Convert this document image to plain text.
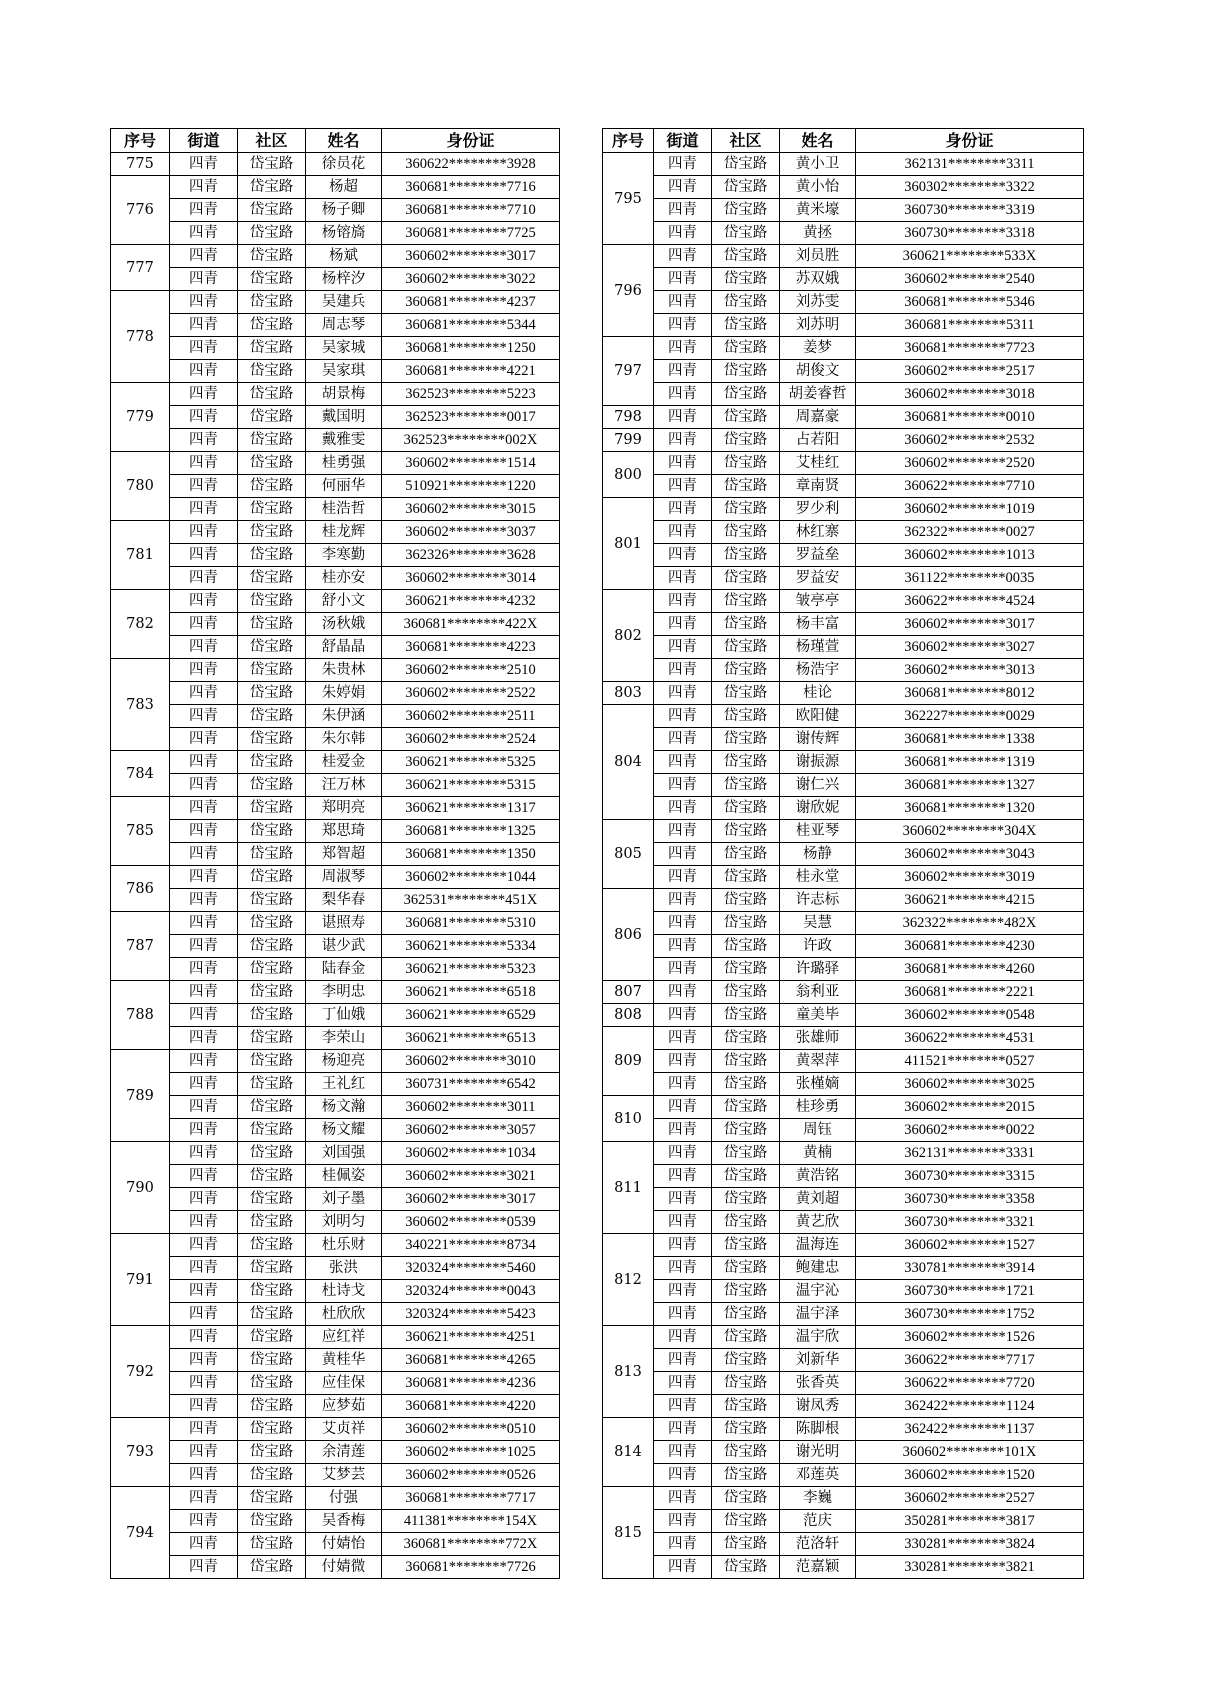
序号	街道	社区	姓名	身份证
775	四青	岱宝路	徐员花	360622********3928
776	四青	岱宝路	杨超	360681********7716
	四青	岱宝路	杨子卿	360681********7710
	四青	岱宝路	杨镕旖	360681********7725
777	四青	岱宝路	杨斌	360602********3017
	四青	岱宝路	杨梓汐	360602********3022
778	四青	岱宝路	吴建兵	360681********4237
	四青	岱宝路	周志琴	360681********5344
	四青	岱宝路	吴家城	360681********1250
	四青	岱宝路	吴家琪	360681********4221
779	四青	岱宝路	胡景梅	362523********5223
	四青	岱宝路	戴国明	362523********0017
	四青	岱宝路	戴雅雯	362523********002X
780	四青	岱宝路	桂勇强	360602********1514
	四青	岱宝路	何丽华	510921********1220
	四青	岱宝路	桂浩哲	360602********3015
781	四青	岱宝路	桂龙辉	360602********3037
	四青	岱宝路	李寒勤	362326********3628
	四青	岱宝路	桂亦安	360602********3014
782	四青	岱宝路	舒小文	360621********4232
	四青	岱宝路	汤秋娥	360681********422X
	四青	岱宝路	舒晶晶	360681********4223
783	四青	岱宝路	朱贵林	360602********2510
	四青	岱宝路	朱婷娟	360602********2522
	四青	岱宝路	朱伊涵	360602********2511
	四青	岱宝路	朱尔韩	360602********2524
784	四青	岱宝路	桂爱金	360621********5325
	四青	岱宝路	汪万林	360621********5315
785	四青	岱宝路	郑明亮	360621********1317
	四青	岱宝路	郑思琦	360681********1325
	四青	岱宝路	郑智超	360681********1350
786	四青	岱宝路	周淑琴	360602********1044
	四青	岱宝路	梨华春	362531********451X
787	四青	岱宝路	谌照寿	360681********5310
	四青	岱宝路	谌少武	360621********5334
	四青	岱宝路	陆春金	360621********5323
788	四青	岱宝路	李明忠	360621********6518
	四青	岱宝路	丁仙娥	360621********6529
	四青	岱宝路	李荣山	360621********6513
789	四青	岱宝路	杨迎亮	360602********3010
	四青	岱宝路	王礼红	360731********6542
	四青	岱宝路	杨文瀚	360602********3011
	四青	岱宝路	杨文耀	360602********3057
790	四青	岱宝路	刘国强	360602********1034
	四青	岱宝路	桂佩姿	360602********3021
	四青	岱宝路	刘子墨	360602********3017
	四青	岱宝路	刘明匀	360602********0539
791	四青	岱宝路	杜乐财	340221********8734
	四青	岱宝路	张洪	320324********5460
	四青	岱宝路	杜诗戈	320324********0043
	四青	岱宝路	杜欣欣	320324********5423
792	四青	岱宝路	应红祥	360621********4251
	四青	岱宝路	黄桂华	360681********4265
	四青	岱宝路	应佳保	360681********4236
	四青	岱宝路	应梦茹	360681********4220
793	四青	岱宝路	艾贞祥	360602********0510
	四青	岱宝路	余清莲	360602********1025
	四青	岱宝路	艾梦芸	360602********0526
794	四青	岱宝路	付强	360681********7717
	四青	岱宝路	吴香梅	411381********154X
	四青	岱宝路	付婧怡	360681********772X
	四青	岱宝路	付婧微	360681********7726
序号	街道	社区	姓名	身份证
795	四青	岱宝路	黄小卫	362131********3311
	四青	岱宝路	黄小怡	360302********3322
	四青	岱宝路	黄米壕	360730********3319
	四青	岱宝路	黄拯	360730********3318
796	四青	岱宝路	刘员胜	360621********533X
	四青	岱宝路	苏双娥	360602********2540
	四青	岱宝路	刘苏雯	360681********5346
	四青	岱宝路	刘苏明	360681********5311
797	四青	岱宝路	姜梦	360681********7723
	四青	岱宝路	胡俊文	360602********2517
	四青	岱宝路	胡姜睿哲	360602********3018
798	四青	岱宝路	周嘉豪	360681********0010
799	四青	岱宝路	占若阳	360602********2532
800	四青	岱宝路	艾桂红	360602********2520
	四青	岱宝路	章南贤	360622********7710
801	四青	岱宝路	罗少利	360602********1019
	四青	岱宝路	林红寨	362322********0027
	四青	岱宝路	罗益垒	360602********1013
	四青	岱宝路	罗益安	361122********0035
802	四青	岱宝路	皱亭亭	360622********4524
	四青	岱宝路	杨丰富	360602********3017
	四青	岱宝路	杨瑾萱	360602********3027
	四青	岱宝路	杨浩宇	360602********3013
803	四青	岱宝路	桂论	360681********8012
804	四青	岱宝路	欧阳健	362227********0029
	四青	岱宝路	谢传辉	360681********1338
	四青	岱宝路	谢振源	360681********1319
	四青	岱宝路	谢仁兴	360681********1327
	四青	岱宝路	谢欣妮	360681********1320
805	四青	岱宝路	桂亚琴	360602********304X
	四青	岱宝路	杨静	360602********3043
	四青	岱宝路	桂永堂	360602********3019
806	四青	岱宝路	许志标	360621********4215
	四青	岱宝路	吴慧	362322********482X
	四青	岱宝路	许政	360681********4230
	四青	岱宝路	许璐驿	360681********4260
807	四青	岱宝路	翁利亚	360681********2221
808	四青	岱宝路	童美毕	360602********0548
809	四青	岱宝路	张雄师	360622********4531
	四青	岱宝路	黄翠萍	411521********0527
	四青	岱宝路	张槿嫡	360602********3025
810	四青	岱宝路	桂珍勇	360602********2015
	四青	岱宝路	周钰	360602********0022
811	四青	岱宝路	黄楠	362131********3331
	四青	岱宝路	黄浩铭	360730********3315
	四青	岱宝路	黄刘超	360730********3358
	四青	岱宝路	黄艺欣	360730********3321
812	四青	岱宝路	温海连	360602********1527
	四青	岱宝路	鲍建忠	330781********3914
	四青	岱宝路	温宇沁	360730********1721
	四青	岱宝路	温宇泽	360730********1752
813	四青	岱宝路	温宇欣	360602********1526
	四青	岱宝路	刘新华	360622********7717
	四青	岱宝路	张香英	360622********7720
	四青	岱宝路	谢凤秀	362422********1124
814	四青	岱宝路	陈脚根	362422********1137
	四青	岱宝路	谢光明	360602********101X
	四青	岱宝路	邓莲英	360602********1520
815	四青	岱宝路	李巍	360602********2527
	四青	岱宝路	范庆	350281********3817
	四青	岱宝路	范洛轩	330281********3824
	四青	岱宝路	范嘉颖	330281********3821
